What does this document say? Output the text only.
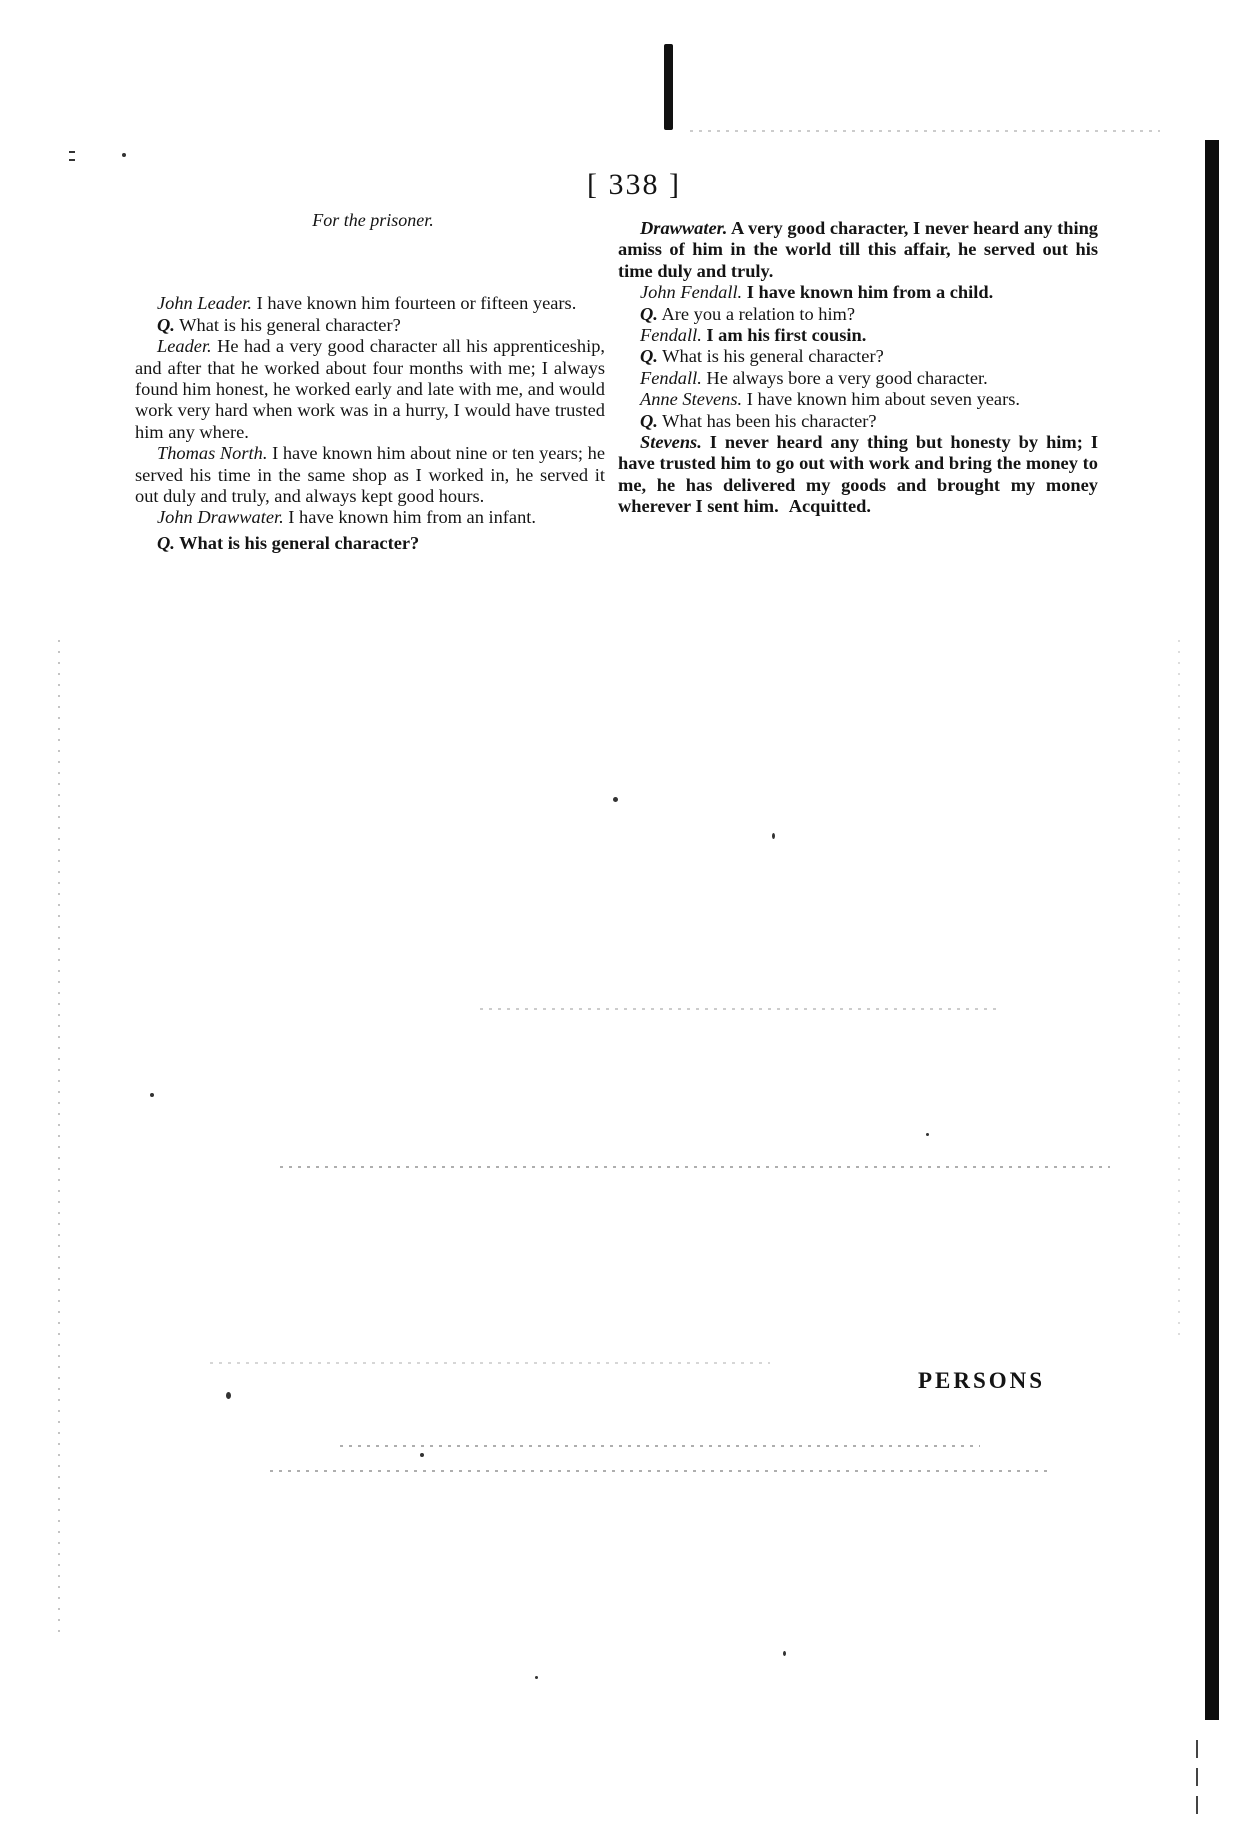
[ 338 ]
For the prisoner.

John Leader. I have known him fourteen or fifteen years.

Q. What is his general character?

Leader. He had a very good character all his apprenticeship, and after that he worked about four months with me; I always found him honest, he worked early and late with me, and would work very hard when work was in a hurry, I would have trusted him any where.

Thomas North. I have known him about nine or ten years; he served his time in the same shop as I worked in, he served it out duly and truly, and always kept good hours.

John Drawwater. I have known him from an infant.

Q. What is his general character?

Drawwater. A very good character, I never heard any thing amiss of him in the world till this affair, he served out his time duly and truly.

John Fendall. I have known him from a child.

Q. Are you a relation to him?

Fendall. I am his first cousin.

Q. What is his general character?

Fendall. He always bore a very good character.

Anne Stevens. I have known him about seven years.

Q. What has been his character?

Stevens. I never heard any thing but honesty by him; I have trusted him to go out with work and bring the money to me, he has delivered my goods and brought my money wherever I sent him. Acquitted.

PERSONS
